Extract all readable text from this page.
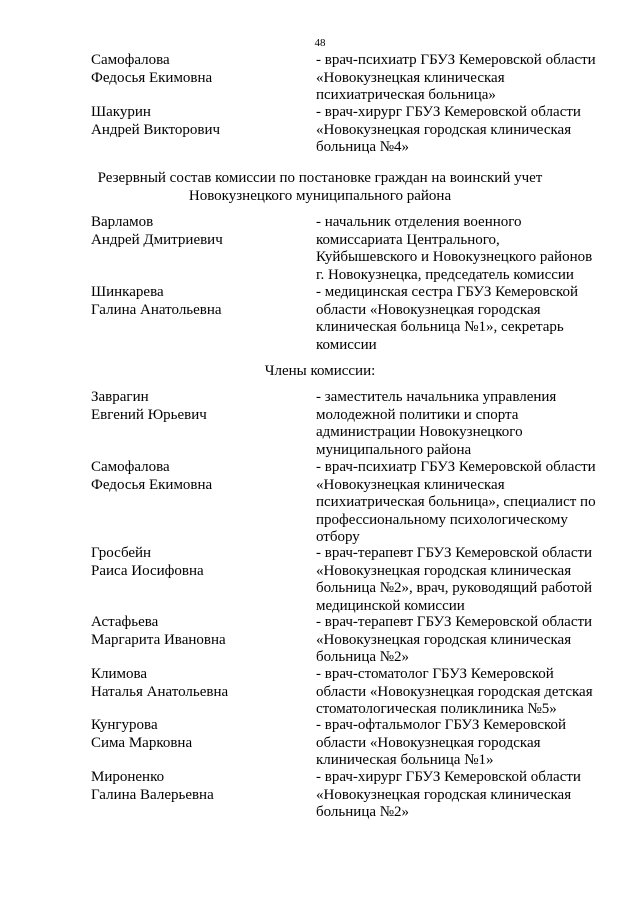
48
Самофалова
Федосья Екимовна
- врач-психиатр ГБУЗ Кемеровской области
«Новокузнецкая клиническая
психиатрическая больница»
Шакурин
Андрей Викторович
- врач-хирург ГБУЗ Кемеровской области
«Новокузнецкая городская клиническая
больница №4»
Резервный состав комиссии по постановке граждан на воинский учет
Новокузнецкого муниципального района
Варламов
Андрей Дмитриевич
- начальник отделения военного
комиссариата Центрального,
Куйбышевского и Новокузнецкого районов
г. Новокузнецка, председатель комиссии
Шинкарева
Галина Анатольевна
- медицинская сестра ГБУЗ Кемеровской
области «Новокузнецкая городская
клиническая больница №1», секретарь
комиссии
Члены комиссии:
Заврагин
Евгений Юрьевич
- заместитель начальника управления
молодежной политики и спорта
администрации Новокузнецкого
муниципального района
Самофалова
Федосья Екимовна
- врач-психиатр ГБУЗ Кемеровской области
«Новокузнецкая клиническая
психиатрическая больница», специалист по
профессиональному психологическому
отбору
Гросбейн
Раиса Иосифовна
- врач-терапевт ГБУЗ Кемеровской области
«Новокузнецкая городская клиническая
больница №2», врач, руководящий работой
медицинской комиссии
Астафьева
Маргарита Ивановна
- врач-терапевт ГБУЗ Кемеровской области
«Новокузнецкая городская клиническая
больница №2»
Климова
Наталья Анатольевна
- врач-стоматолог ГБУЗ Кемеровской
области «Новокузнецкая городская детская
стоматологическая поликлиника №5»
Кунгурова
Сима Марковна
- врач-офтальмолог ГБУЗ Кемеровской
области «Новокузнецкая городская
клиническая больница №1»
Мироненко
Галина Валерьевна
- врач-хирург ГБУЗ Кемеровской области
«Новокузнецкая городская клиническая
больница №2»
